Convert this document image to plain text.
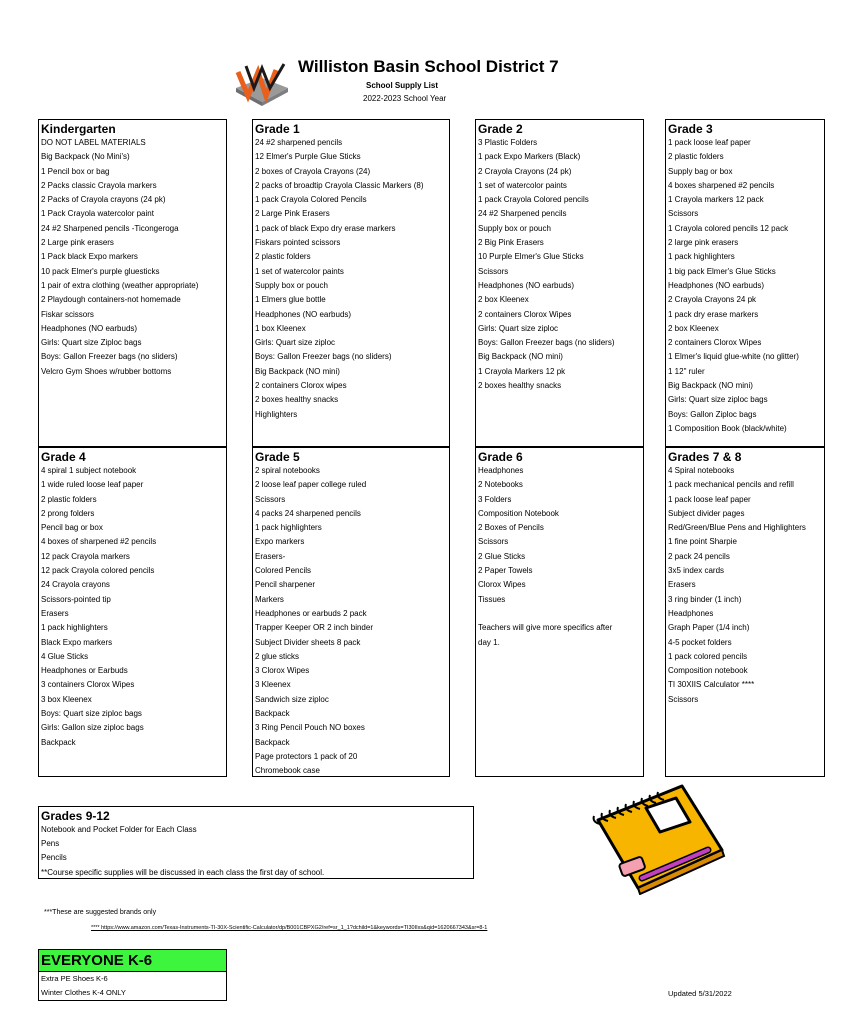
Williston Basin School District 7
School Supply List
2022-2023 School Year
Kindergarten
DO NOT LABEL MATERIALS
Big Backpack (No Mini's)
1 Pencil box or bag
2 Packs classic Crayola markers
2 Packs of Crayola crayons (24 pk)
1 Pack Crayola watercolor paint
24 #2 Sharpened pencils -Ticongeroga
2 Large pink erasers
1 Pack black Expo markers
10 pack Elmer's purple gluesticks
1 pair of extra clothing (weather appropriate)
2 Playdough containers-not homemade
Fiskar scissors
Headphones (NO earbuds)
Girls: Quart size Ziploc bags
Boys: Gallon Freezer bags (no sliders)
Velcro Gym Shoes w/rubber bottoms
Grade 1
24 #2 sharpened pencils
12 Elmer's Purple Glue Sticks
2 boxes of Crayola Crayons (24)
2 packs of broadtip Crayola Classic Markers (8)
1 pack Crayola Colored Pencils
2 Large Pink Erasers
1 pack of black Expo dry erase markers
Fiskars pointed scissors
2 plastic folders
1 set of watercolor paints
Supply box or pouch
1 Elmers glue bottle
Headphones (NO earbuds)
1 box Kleenex
Girls: Quart size ziploc
Boys: Gallon Freezer bags (no sliders)
Big Backpack (NO mini)
2 containers Clorox wipes
2 boxes healthy snacks
Highlighters
Grade 2
3 Plastic Folders
1 pack Expo Markers (Black)
2 Crayola Crayons (24 pk)
1 set of watercolor paints
1 pack Crayola Colored pencils
24 #2 Sharpened pencils
Supply box or pouch
2 Big Pink Erasers
10 Purple Elmer's Glue Sticks
Scissors
Headphones (NO earbuds)
2 box Kleenex
2 containers Clorox Wipes
Girls: Quart size ziploc
Boys: Gallon Freezer bags (no sliders)
Big Backpack (NO mini)
1 Crayola Markers 12 pk
2 boxes healthy snacks
Grade 3
1 pack loose leaf paper
2 plastic folders
Supply bag or box
4 boxes sharpened #2 pencils
1 Crayola markers 12 pack
Scissors
1 Crayola colored pencils 12 pack
2 large pink erasers
1 pack highlighters
1 big pack Elmer's Glue Sticks
Headphones (NO earbuds)
2 Crayola Crayons 24 pk
1 pack dry erase markers
2 box Kleenex
2 containers Clorox Wipes
1 Elmer's liquid glue-white (no glitter)
1 12" ruler
Big Backpack (NO mini)
Girls: Quart size ziploc bags
Boys: Gallon Ziploc bags
1 Composition Book (black/white)
Grade 4
4 spiral 1 subject notebook
1 wide ruled loose leaf paper
2 plastic folders
2 prong folders
Pencil bag or box
4 boxes of sharpened #2 pencils
12 pack Crayola markers
12 pack Crayola colored pencils
24 Crayola crayons
Scissors-pointed tip
Erasers
1 pack highlighters
Black Expo markers
4 Glue Sticks
Headphones or Earbuds
3 containers Clorox Wipes
3 box Kleenex
Boys: Quart size ziploc bags
Girls: Gallon size ziploc bags
Backpack
Grade 5
2 spiral notebooks
2 loose leaf paper college ruled
Scissors
4 packs 24 sharpened pencils
1 pack highlighters
Expo markers
Erasers-
Colored Pencils
Pencil sharpener
Markers
Headphones or earbuds 2 pack
Trapper Keeper OR 2 inch binder
Subject Divider sheets 8 pack
2 glue sticks
3 Clorox Wipes
3 Kleenex
Sandwich size ziploc
Backpack
3 Ring Pencil Pouch NO boxes
Backpack
Page protectors 1 pack of 20
Chromebook case
Grade 6
Headphones
2 Notebooks
3 Folders
Composition Notebook
2 Boxes of Pencils
Scissors
2 Glue Sticks
2 Paper Towels
Clorox Wipes
Tissues

Teachers will give more specifics after
day 1.
Grades 7 & 8
4 Spiral notebooks
1 pack mechanical pencils and refill
1 pack loose leaf paper
Subject divider pages
Red/Green/Blue Pens and Highlighters
1 fine point Sharpie
2 pack 24 pencils
3x5 index cards
Erasers
3 ring binder (1 inch)
Headphones
Graph Paper (1/4 inch)
4-5 pocket folders
1 pack colored pencils
Composition notebook
TI 30XIIS Calculator ****
Scissors
Grades 9-12
Notebook and Pocket Folder for Each Class
Pens
Pencils
**Course specific supplies will be discussed in each class the first day of school.
***These are suggested brands only
**** https://www.amazon.com/Texas-Instruments-TI-30X-Scientific-Calculator/dp/B001CBPXG2/ref=sr_1_1?dchild=1&keywords=TI30IIxs&qid=1620667343&sr=8-1
EVERYONE K-6
Extra PE Shoes K-6
Winter Clothes K-4 ONLY	Updated 5/31/2022
